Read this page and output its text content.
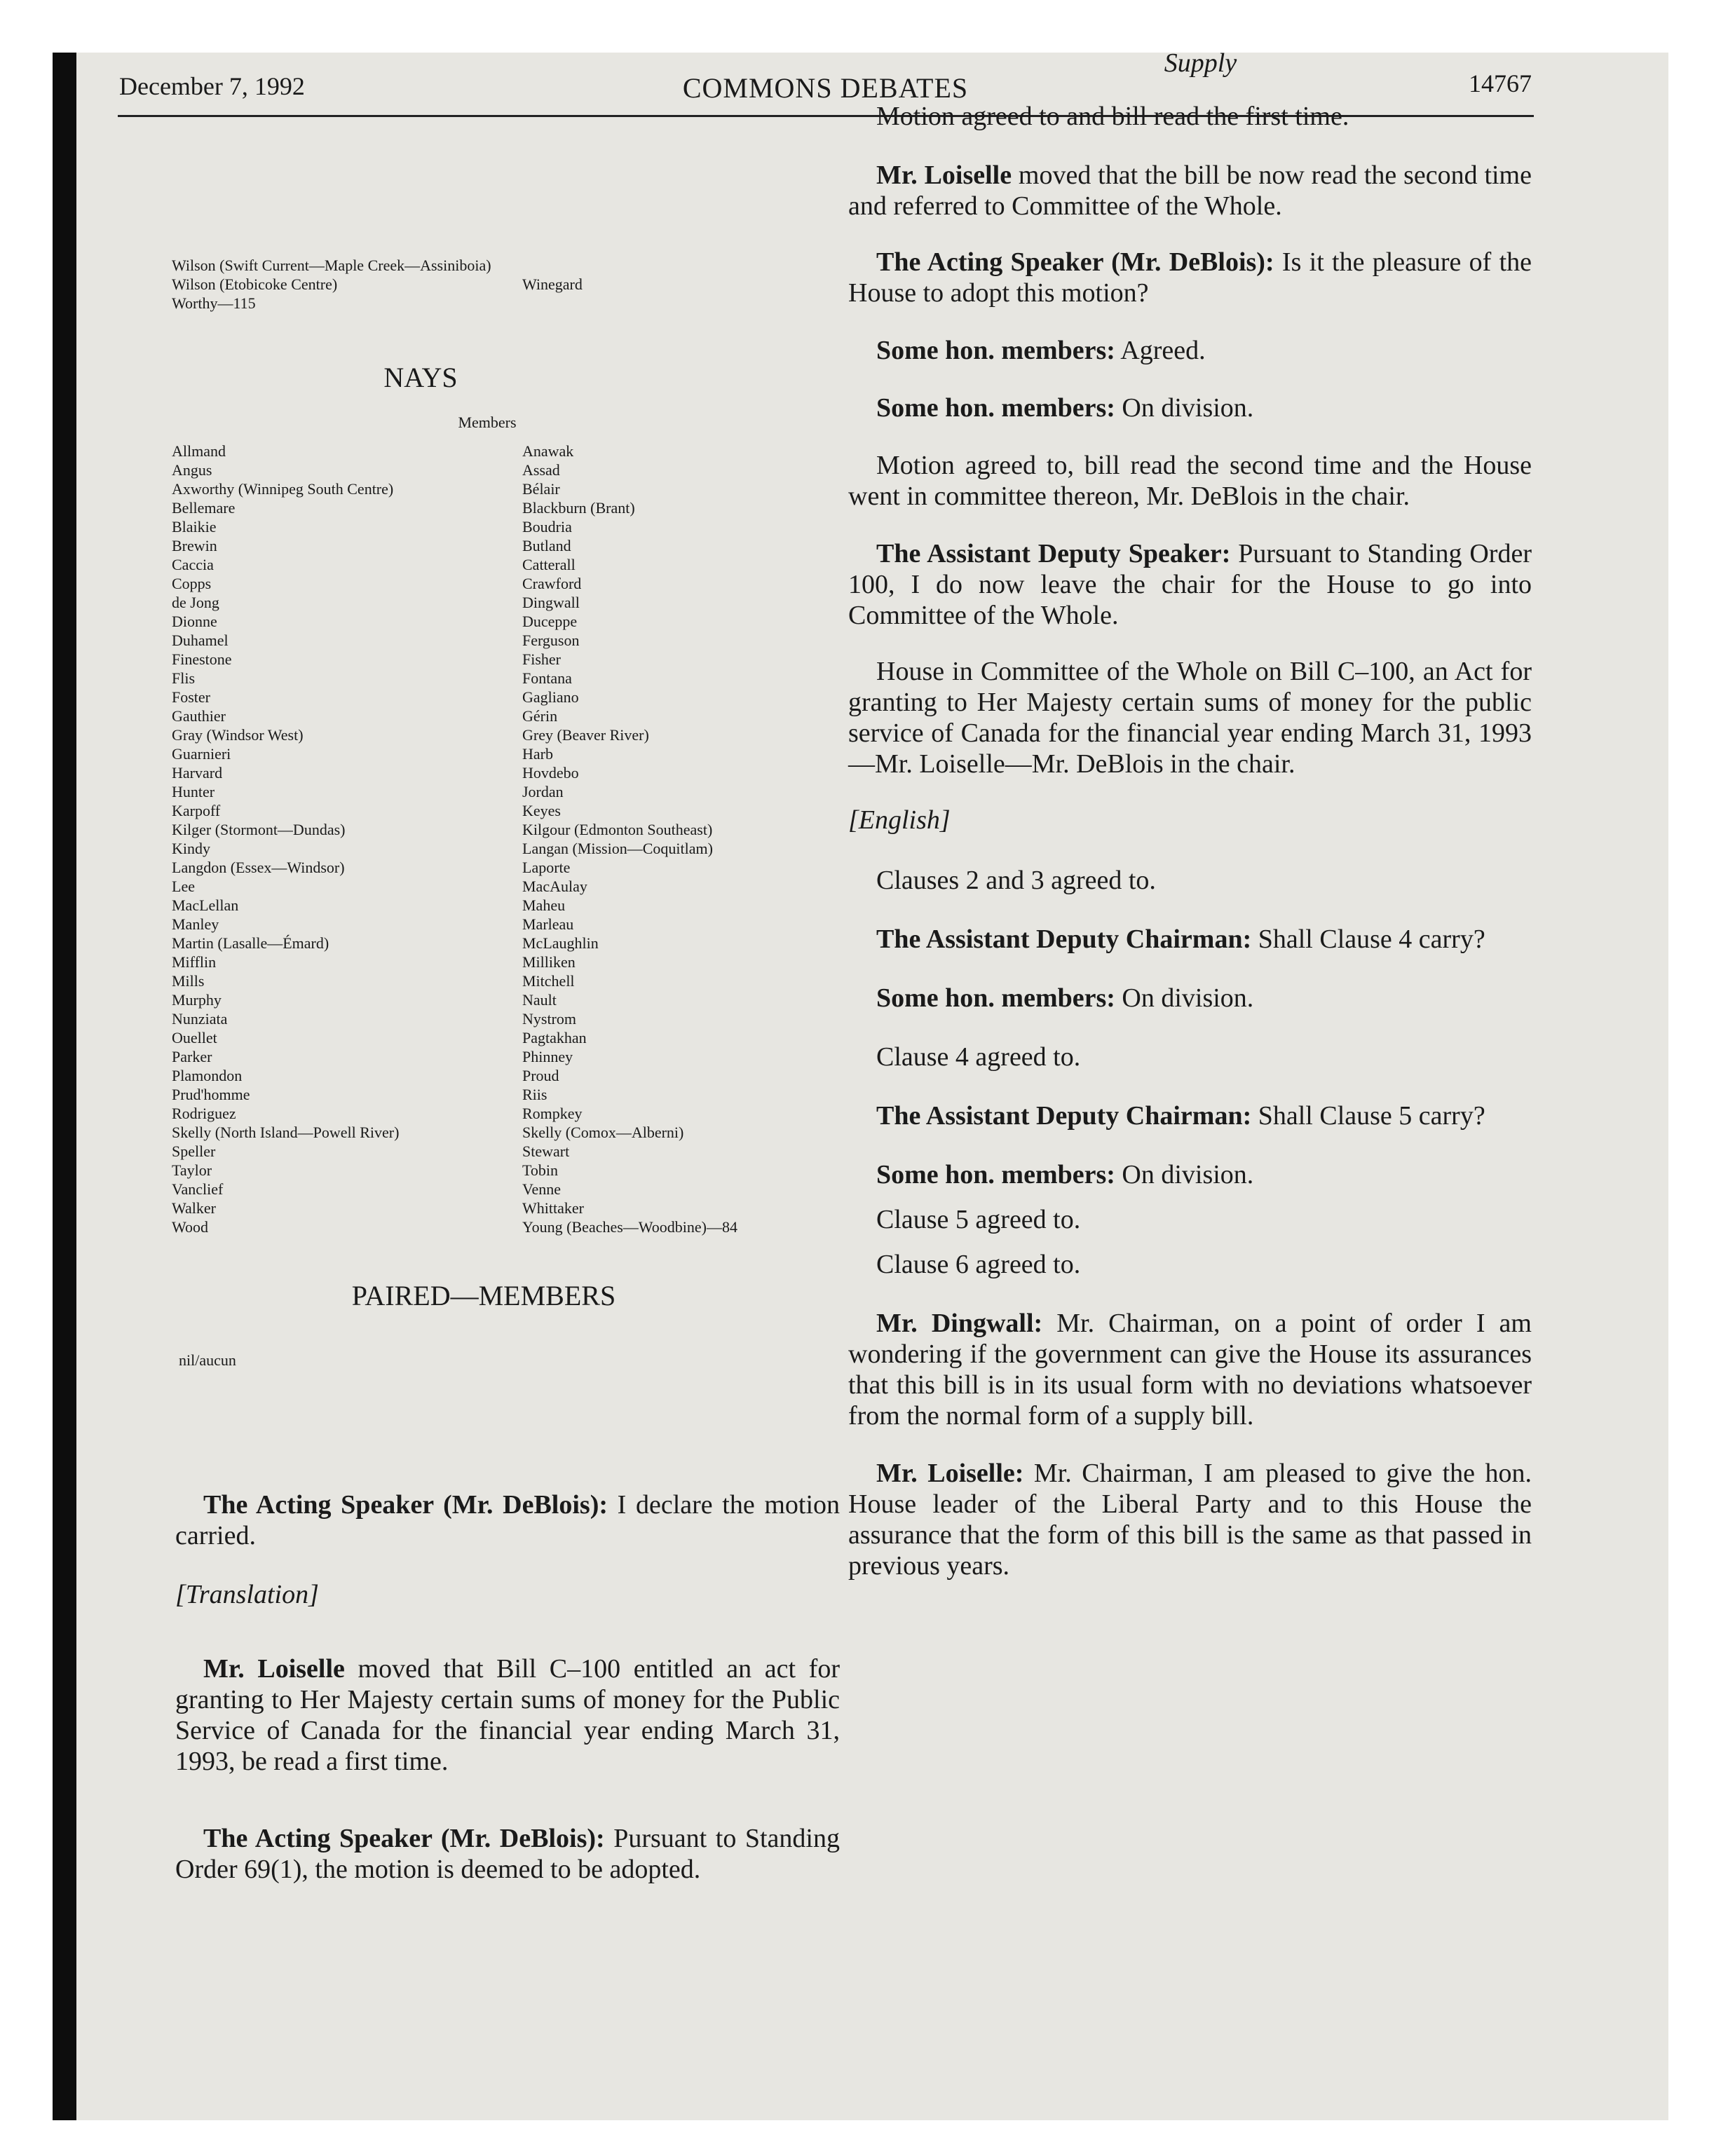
December 7, 1992	COMMONS DEBATES	14767
Wilson (Swift Current—Maple Creek—Assiniboia)
Wilson (Etobicoke Centre)
Worthy—115
Winegard
NAYS
Members
Allmand
Angus
Axworthy (Winnipeg South Centre)
Bellemare
Blaikie
Brewin
Caccia
Copps
de Jong
Dionne
Duhamel
Finestone
Flis
Foster
Gauthier
Gray (Windsor West)
Guarnieri
Harvard
Hunter
Karpoff
Kilger (Stormont—Dundas)
Kindy
Langdon (Essex—Windsor)
Lee
MacLellan
Manley
Martin (Lasalle—Émard)
Mifflin
Mills
Murphy
Nunziata
Ouellet
Parker
Plamondon
Prud'homme
Rodriguez
Skelly (North Island—Powell River)
Speller
Taylor
Vanclief
Walker
Wood
Anawak
Assad
Bélair
Blackburn (Brant)
Boudria
Butland
Catterall
Crawford
Dingwall
Duceppe
Ferguson
Fisher
Fontana
Gagliano
Gérin
Grey (Beaver River)
Harb
Hovdebo
Jordan
Keyes
Kilgour (Edmonton Southeast)
Langan (Mission—Coquitlam)
Laporte
MacAulay
Maheu
Marleau
McLaughlin
Milliken
Mitchell
Nault
Nystrom
Pagtakhan
Phinney
Proud
Riis
Rompkey
Skelly (Comox—Alberni)
Stewart
Tobin
Venne
Whittaker
Young (Beaches—Woodbine)—84
PAIRED—MEMBERS
nil/aucun

The Acting Speaker (Mr. DeBlois): I declare the motion carried.

[Translation]

Mr. Loiselle moved that Bill C–100 entitled an act for granting to Her Majesty certain sums of money for the Public Service of Canada for the financial year ending March 31, 1993, be read a first time.

The Acting Speaker (Mr. DeBlois): Pursuant to Standing Order 69(1), the motion is deemed to be adopted.

Supply

Motion agreed to and bill read the first time.

Mr. Loiselle moved that the bill be now read the second time and referred to Committee of the Whole.

The Acting Speaker (Mr. DeBlois): Is it the pleasure of the House to adopt this motion?

Some hon. members: Agreed.

Some hon. members: On division.

Motion agreed to, bill read the second time and the House went in committee thereon, Mr. DeBlois in the chair.

The Assistant Deputy Speaker: Pursuant to Standing Order 100, I do now leave the chair for the House to go into Committee of the Whole.

House in Committee of the Whole on Bill C–100, an Act for granting to Her Majesty certain sums of money for the public service of Canada for the financial year ending March 31, 1993—Mr. Loiselle—Mr. DeBlois in the chair.

[English]

Clauses 2 and 3 agreed to.

The Assistant Deputy Chairman: Shall Clause 4 carry?

Some hon. members: On division.

Clause 4 agreed to.

The Assistant Deputy Chairman: Shall Clause 5 carry?

Some hon. members: On division.

Clause 5 agreed to.

Clause 6 agreed to.

Mr. Dingwall: Mr. Chairman, on a point of order I am wondering if the government can give the House its assurances that this bill is in its usual form with no deviations whatsoever from the normal form of a supply bill.

Mr. Loiselle: Mr. Chairman, I am pleased to give the hon. House leader of the Liberal Party and to this House the assurance that the form of this bill is the same as that passed in previous years.
